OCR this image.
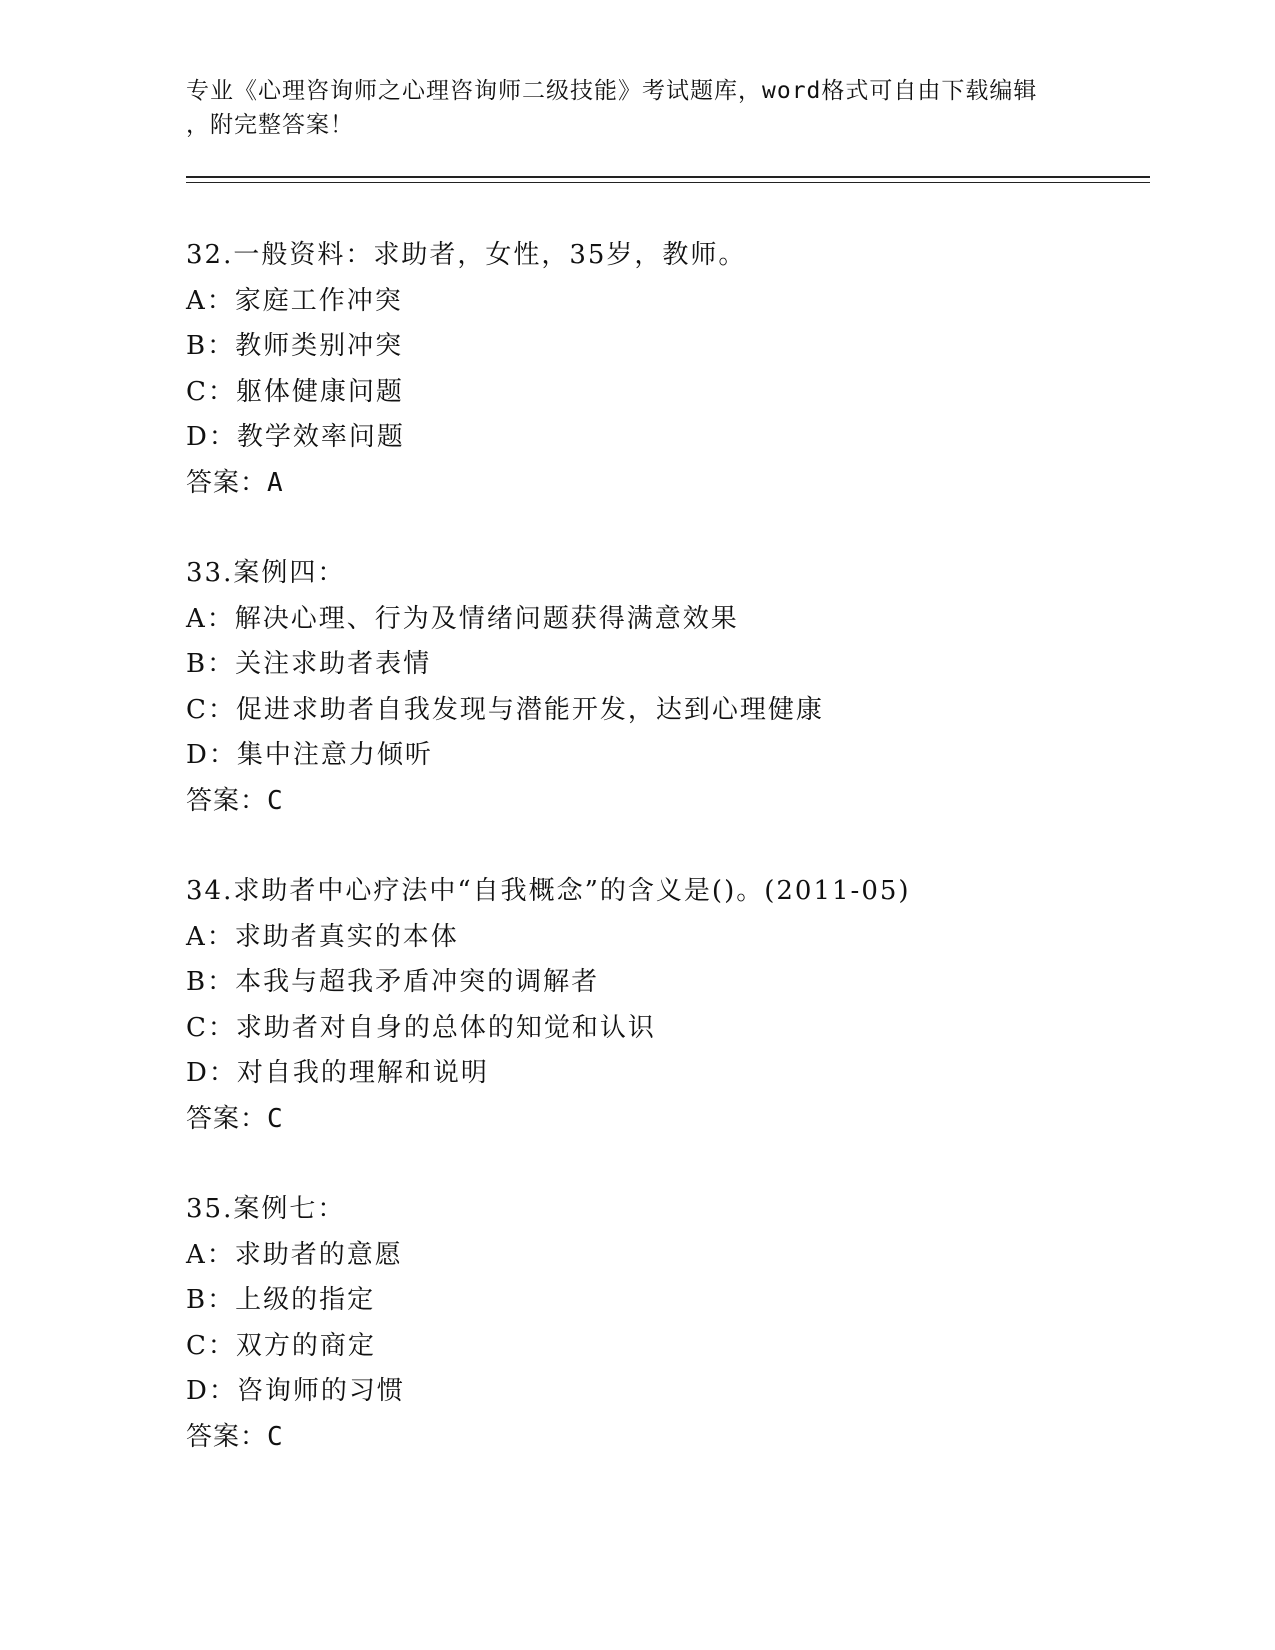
专业《心理咨询师之心理咨询师二级技能》考试题库，word格式可自由下载编辑
，附完整答案！
32.一般资料：求助者，女性，35岁，教师。
A：家庭工作冲突
B：教师类别冲突
C：躯体健康问题
D：教学效率问题
答案：A
33.案例四：
A：解决心理、行为及情绪问题获得满意效果
B：关注求助者表情
C：促进求助者自我发现与潜能开发，达到心理健康
D：集中注意力倾听
答案：C
34.求助者中心疗法中“自我概念”的含义是()。(2011-05)
A：求助者真实的本体
B：本我与超我矛盾冲突的调解者
C：求助者对自身的总体的知觉和认识
D：对自我的理解和说明
答案：C
35.案例七：
A：求助者的意愿
B：上级的指定
C：双方的商定
D：咨询师的习惯
答案：C
